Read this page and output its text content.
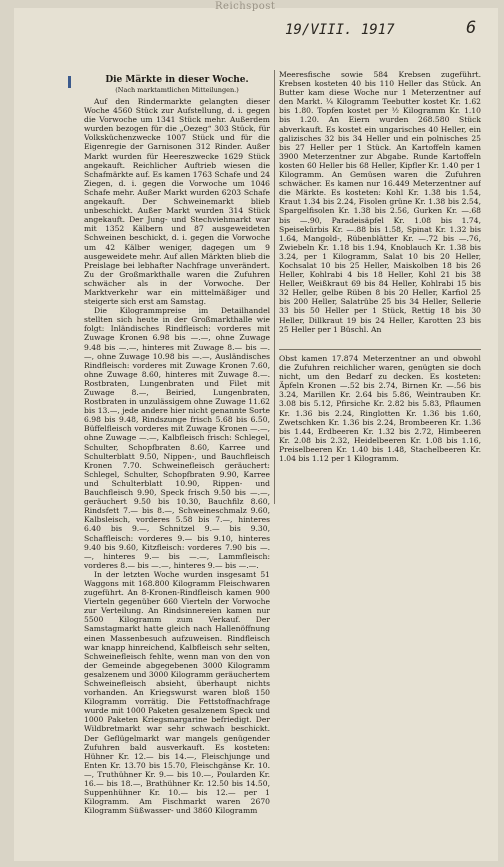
Reichspost
19/VIII. 1917	6
Die Märkte in dieser Woche.
(Nach marktamtlichen Mitteilungen.)

Auf den Rindermarkte gelangten dieser Woche 4560 Stück zur Aufstellung, d. i. gegen die Vorwoche um 1341 Stück mehr. Außerdem wurden bezogen für die „Oezeg“ 303 Stück, für Volksküchenzwecke 1007 Stück und für die Eigenregie der Garnisonen 312 Rinder. Außer Markt wurden für Heereszwecke 1629 Stück angekauft. Reichlicher Auftrieb wiesen die Schafmärkte auf. Es kamen 1763 Schafe und 24 Ziegen, d. i. gegen die Vorwoche um 1046 Schafe mehr. Außer Markt wurden 6203 Schafe angekauft. Der Schweinemarkt blieb unbeschickt. Außer Markt wurden 314 Stück angekauft. Der Jung- und Stechviehmarkt war mit 1352 Kälbern und 87 ausgeweideten Schweinen beschickt, d. i. gegen die Vorwoche um 42 Kälber weniger, dagegen um 9 ausgeweidete mehr. Auf allen Märkten blieb die Preislage bei lebhafter Nachfrage unverändert. Zu der Großmarkthalle waren die Zufuhren schwächer als in der Vorwoche. Der Marktverkehr war ein mittelmäßiger und steigerte sich erst am Samstag.

Die Kilogrammpreise im Detailhandel stellten sich heute in der Großmarkthalle wie folgt: Inländisches Rindfleisch: vorderes mit Zuwage Kronen 6.98 bis —.—, ohne Zuwage 9.48 bis —.—, hinteres mit Zuwage 8.— bis —.—, ohne Zuwage 10.98 bis —.—, Ausländisches Rindfleisch: vorderes mit Zuwage Kronen 7.60, ohne Zuwage 8.60, hinteres mit Zuwage 8.—. Rostbraten, Lungenbraten und Filet mit Zuwage 8.—, Beiried, Lungenbraten, Rostbraten in unzulässigem ohne Zuwage 11.62 bis 13.—, jede andere hier nicht genannte Sorte 6.98 bis 9.48, Rindszunge frisch 5.68 bis 6.50, Büffelfleisch vorderes mit Zuwage Kronen —.—, ohne Zuwage —.—, Kalbfleisch frisch: Schlegel, Schulter, Schopfbraten 8.60, Karree und Schulterblatt 9.50, Nippen-, und Bauchfleisch Kronen 7.70. Schweinefleisch geräuchert: Schlegel, Schulter, Schopfbraten 9.90, Karree und Schulterblatt 10.90, Rippen- und Bauchfleisch 9.90, Speck frisch 9.50 bis —.—, geräuchert 9.50 bis 10.30, Bauchfilz 8.60, Rindsfett 7.— bis 8.—, Schweineschmalz 9.60, Kalbsleisch, vorderes 5.58 bis 7.—, hinteres 6.40 bis 9.—, Schnitzel 9.— bis 9.30, Schaffleisch: vorderes 9.— bis 9.10, hinteres 9.40 bis 9.60, Kitzfleisch: vorderes 7.90 bis —.—, hinteres 9.— bis —.—, Lammfleisch: vorderes 8.— bis —.—, hinteres 9.— bis —.—.

In der letzten Woche wurden insgesamt 51 Waggons mit 168.800 Kilogramm Fleischwaren zugeführt. An 8-Kronen-Rindfleisch kamen 900 Vierteln gegenüber 660 Vierteln der Vorwoche zur Verteilung. An Rindsinnereien kamen nur 5500 Kilogramm zum Verkauf. Der Samstagmarkt hatte gleich nach Hallenöffnung einen Massenbesuch aufzuweisen. Rindfleisch war knapp hinreichend, Kalbfleisch sehr selten, Schweinefleisch fehlte, wenn man von den von der Gemeinde abgegebenen 3000 Kilogramm gesalzenem und 3000 Kilogramm geräuchertem Schweinefleisch absieht, überhaupt nichts vorhanden. An Kriegswurst waren bloß 150 Kilogramm vorrätig. Die Fettstoffnachfrage wurde mit 1000 Paketen gesalzenem Speck und 1000 Paketen Kriegsmargarine befriedigt. Der Wildbretmarkt war sehr schwach beschickt. Der Geflügelmarkt war mangels genügender Zufuhren bald ausverkauft. Es kosteten: Hühner Kr. 12.— bis 14.—, Fleischjunge und Enten Kr. 13.70 bis 15.70, Fleischgänse Kr. 10.—, Truthühner Kr. 9.— bis 10.—, Poularden Kr. 16.— bis 18.—, Brathühner Kr. 12.50 bis 14.50, Suppenhühner Kr. 10.— bis 12.— per 1 Kilogramm. Am Fischmarkt waren 2670 Kilogramm Süßwasser- und 3860 Kilogramm

Meeresfische sowie 584 Krebsen zugeführt. Krebsen kosteten 40 bis 110 Heller das Stück. An Butter kam diese Woche nur 1 Meterzentner auf den Markt. ¼ Kilogramm Teebutter kostet Kr. 1.62 bis 1.80. Topfen kostet per ½ Kilogramm Kr. 1.10 bis 1.20. An Eiern wurden 268.580 Stück abverkauft. Es kostet ein ungarisches 40 Heller, ein galizisches 32 bis 34 Heller und ein polnisches 25 bis 27 Heller per 1 Stück. An Kartoffeln kamen 3900 Meterzentner zur Abgabe. Runde Kartoffeln kosten 60 Heller bis 68 Heller, Kipfler Kr. 1.40 per 1 Kilogramm. An Gemüsen waren die Zufuhren schwächer. Es kamen nur 16.449 Meterzentner auf die Märkte. Es kosteten: Kohl Kr. 1.38 bis 1.54, Kraut 1.34 bis 2.24, Fisolen grüne Kr. 1.38 bis 2.54, Spargelfisolen Kr. 1.38 bis 2.56, Gurken Kr. —.68 bis —.90, Paradeisäpfel Kr. 1.08 bis 1.74, Speisekürbis Kr. —.88 bis 1.58, Spinat Kr. 1.32 bis 1.64, Mangold-, Rübenblätter Kr. —.72 bis —.76, Zwiebeln Kr. 1.18 bis 1.94, Knoblauch Kr. 1.38 bis 3.24, per 1 Kilogramm, Salat 10 bis 20 Heller, Kochsalat 10 bis 25 Heller, Maiskolben 18 bis 26 Heller, Kohlrabi 4 bis 18 Heller, Kohl 21 bis 38 Heller, Weißkraut 69 bis 84 Heller, Kohlrabi 15 bis 32 Heller, gelbe Rüben 8 bis 20 Heller, Karfiol 25 bis 200 Heller, Salatrübe 25 bis 34 Heller, Sellerie 33 bis 50 Heller per 1 Stück, Rettig 18 bis 30 Heller, Dillkraut 19 bis 24 Heller, Karotten 23 bis 25 Heller per 1 Büschl. An

Obst kamen 17.874 Meterzentner an und obwohl die Zufuhren reichlicher waren, genügten sie doch nicht, um den Bedarf zu decken. Es kosteten: Äpfeln Kronen —.52 bis 2.74, Birnen Kr. —.56 bis 3.24, Marillen Kr. 2.64 bis 5.86, Weintrauben Kr. 3.08 bis 5.12, Pfirsiche Kr. 2.82 bis 5.83, Pflaumen Kr. 1.36 bis 2.24, Ringlotten Kr. 1.36 bis 1.60, Zwetschken Kr. 1.36 bis 2.24, Brombeeren Kr. 1.36 bis 1.44, Erdbeeren Kr. 1.32 bis 2.72, Himbeeren Kr. 2.08 bis 2.32, Heidelbeeren Kr. 1.08 bis 1.16, Preiselbeeren Kr. 1.40 bis 1.48, Stachelbeeren Kr. 1.04 bis 1.12 per 1 Kilogramm.
